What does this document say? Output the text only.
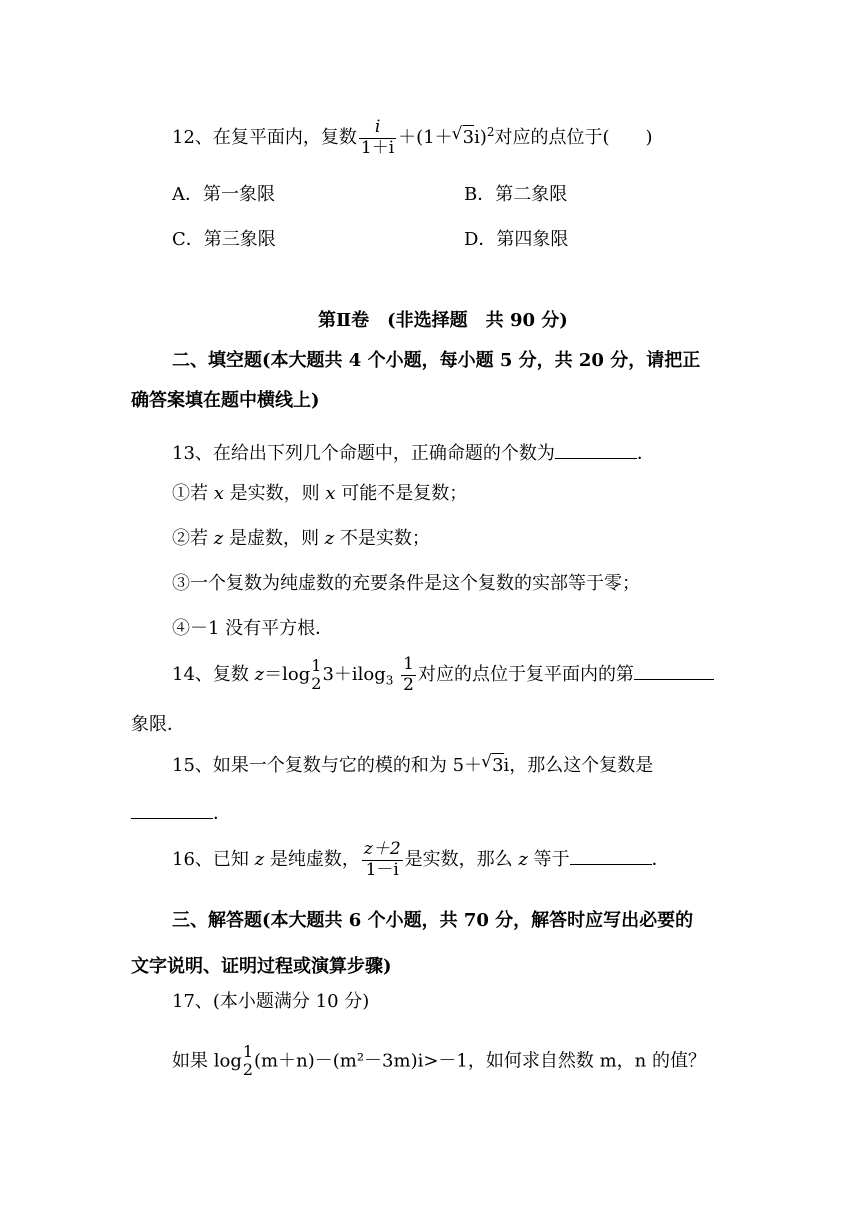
12、在复平面内，复数 $\frac{i}{1+i} +(1+√$ 3i)$^2$对应的点位于(　　)
A．第一象限	B．第二象限
C．第三象限	D．第四象限
第Ⅱ卷　(非选择题　共 90 分)
二、填空题(本大题共 4 个小题，每小题 5 分，共 20 分，请把正
确答案填在题中横线上)
13、在给出下列几个命题中，正确命题的个数为	．
①若 x 是实数，则 x 可能不是复数；
②若 z 是虚数，则 z 不是实数；
③一个复数为纯虚数的充要条件是这个复数的实部等于零；
④－1 没有平方根．
14、复数 z＝log 1
2 $3+ilog_3 \frac{1}{2}$ 对应的点位于复平面内的第
象限．
15、如果一个复数与它的模的和为 5＋√ 3i，那么这个复数是
．
16、已知 z 是纯虚数， $\frac{z+2}{1-i}$ 是实数，那么 z 等于	．
三、解答题(本大题共 6 个小题，共 70 分，解答时应写出必要的
文字说明、证明过程或演算步骤)
17、(本小题满分 10 分)
如果 log 1
2 (m＋n)－(m²－3m)i>－1，如何求自然数 m，n 的值？
